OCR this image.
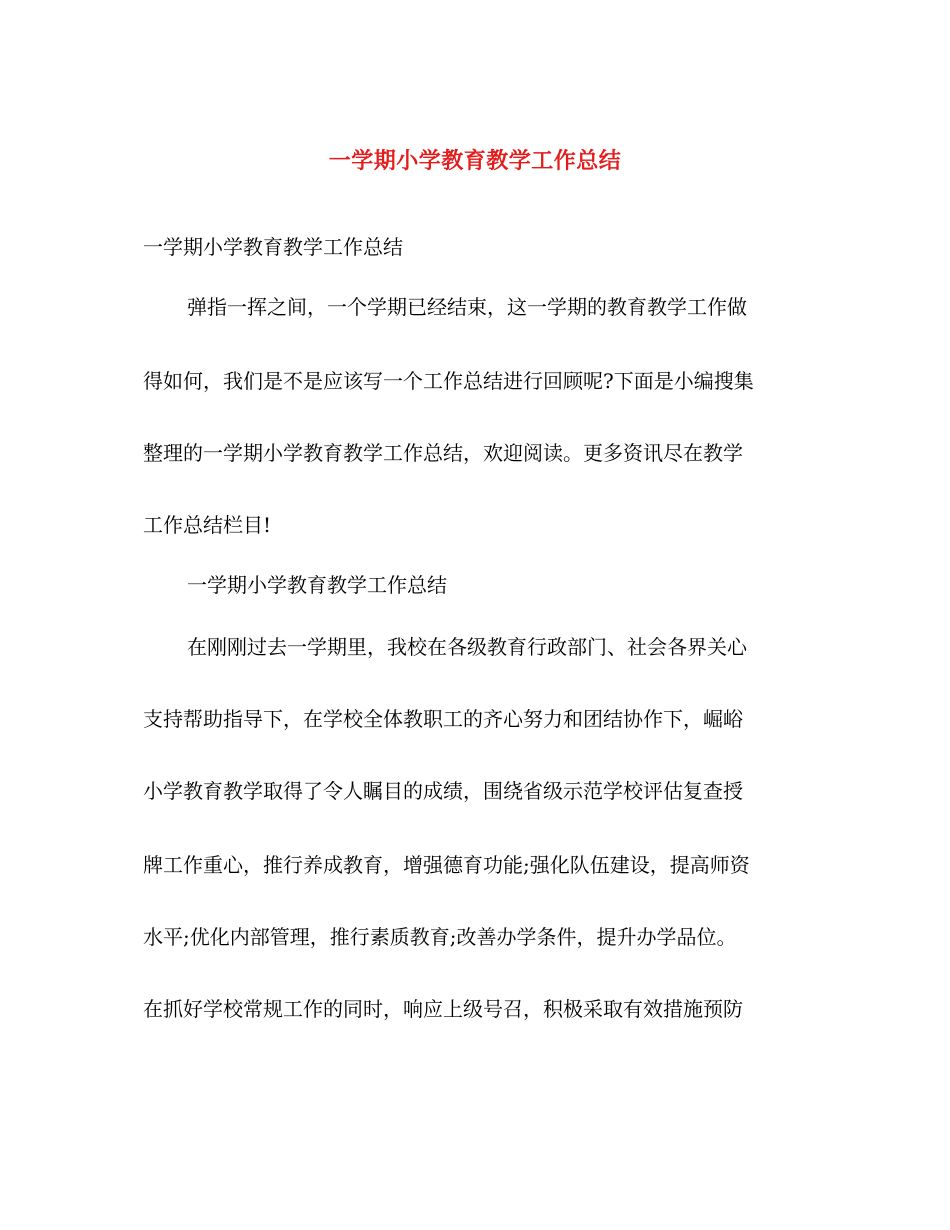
一学期小学教育教学工作总结

一学期小学教育教学工作总结

弹指一挥之间，一个学期已经结束，这一学期的教育教学工作做

得如何，我们是不是应该写一个工作总结进行回顾呢?下面是小编搜集

整理的一学期小学教育教学工作总结，欢迎阅读。更多资讯尽在教学

工作总结栏目!

一学期小学教育教学工作总结

在刚刚过去一学期里，我校在各级教育行政部门、社会各界关心

支持帮助指导下，在学校全体教职工的齐心努力和团结协作下，崛峪

小学教育教学取得了令人瞩目的成绩，围绕省级示范学校评估复查授

牌工作重心，推行养成教育，增强德育功能;强化队伍建设，提高师资

水平;优化内部管理，推行素质教育;改善办学条件，提升办学品位。

在抓好学校常规工作的同时，响应上级号召，积极采取有效措施预防
